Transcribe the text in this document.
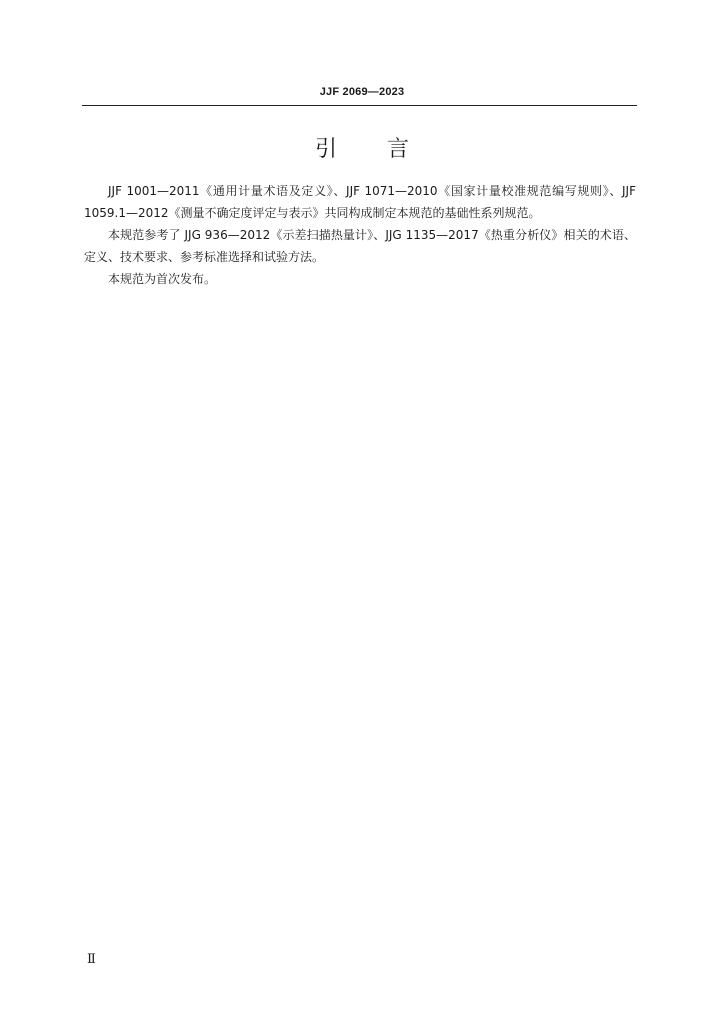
JJF 2069—2023
引言

JJF 1001—2011《通用计量术语及定义》、JJF 1071—2010《国家计量校准规范编写规则》、JJF 1059.1—2012《测量不确定度评定与表示》共同构成制定本规范的基础性系列规范。

本规范参考了 JJG 936—2012《示差扫描热量计》、JJG 1135—2017《热重分析仪》相关的术语、定义、技术要求、参考标准选择和试验方法。

本规范为首次发布。

Ⅱ
